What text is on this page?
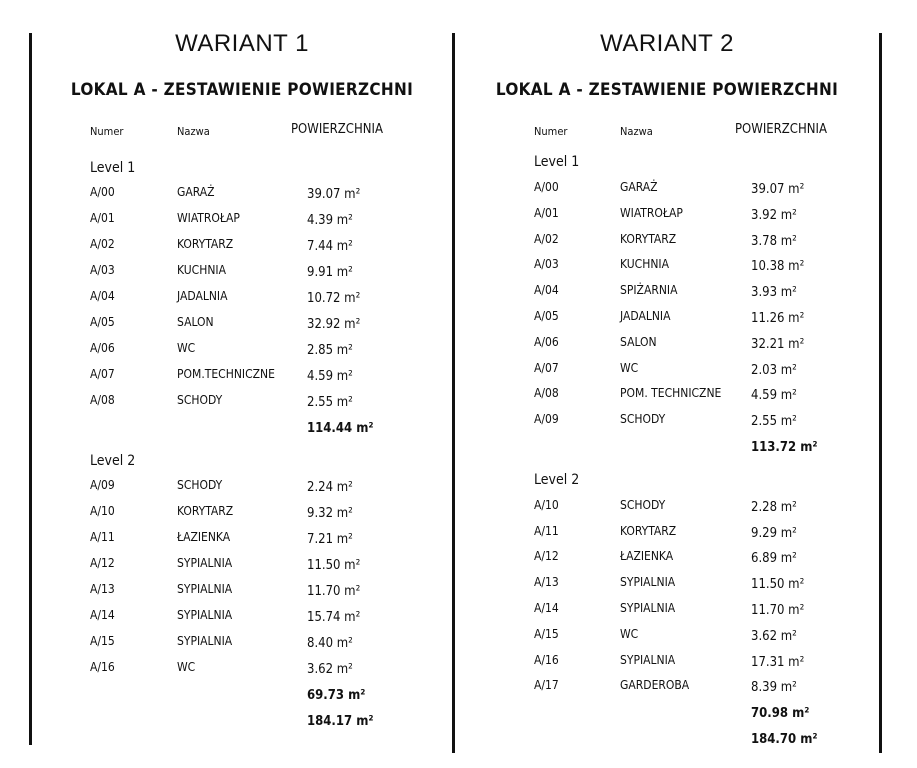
WARIANT 1
LOKAL A - ZESTAWIENIE POWIERZCHNI
Numer	Nazwa	POWIERZCHNIA
Level 1
A/00	GARAŻ	39.07 m²
A/01	WIATROŁAP	4.39 m²
A/02	KORYTARZ	7.44 m²
A/03	KUCHNIA	9.91 m²
A/04	JADALNIA	10.72 m²
A/05	SALON	32.92 m²
A/06	WC	2.85 m²
A/07	POM.TECHNICZNE 4.59 m²
A/08	SCHODY	2.55 m²
114.44 m²
Level 2
A/09	SCHODY	2.24 m²
A/10	KORYTARZ	9.32 m²
A/11	ŁAZIENKA	7.21 m²
A/12	SYPIALNIA	11.50 m²
A/13	SYPIALNIA	11.70 m²
A/14	SYPIALNIA	15.74 m²
A/15	SYPIALNIA	8.40 m²
A/16	WC	3.62 m²
69.73 m²
184.17 m²
WARIANT 2
LOKAL A - ZESTAWIENIE POWIERZCHNI
Numer	Nazwa	POWIERZCHNIA
Level 1
A/00	GARAŻ	39.07 m²
A/01	WIATROŁAP	3.92 m²
A/02	KORYTARZ	3.78 m²
A/03	KUCHNIA	10.38 m²
A/04	SPIŻARNIA	3.93 m²
A/05	JADALNIA	11.26 m²
A/06	SALON	32.21 m²
A/07	WC	2.03 m²
A/08	POM. TECHNICZNE 4.59 m²
A/09	SCHODY	2.55 m²
113.72 m²
Level 2
A/10	SCHODY	2.28 m²
A/11	KORYTARZ	9.29 m²
A/12	ŁAZIENKA	6.89 m²
A/13	SYPIALNIA	11.50 m²
A/14	SYPIALNIA	11.70 m²
A/15	WC	3.62 m²
A/16	SYPIALNIA	17.31 m²
A/17	GARDEROBA	8.39 m²
70.98 m²
184.70 m²
